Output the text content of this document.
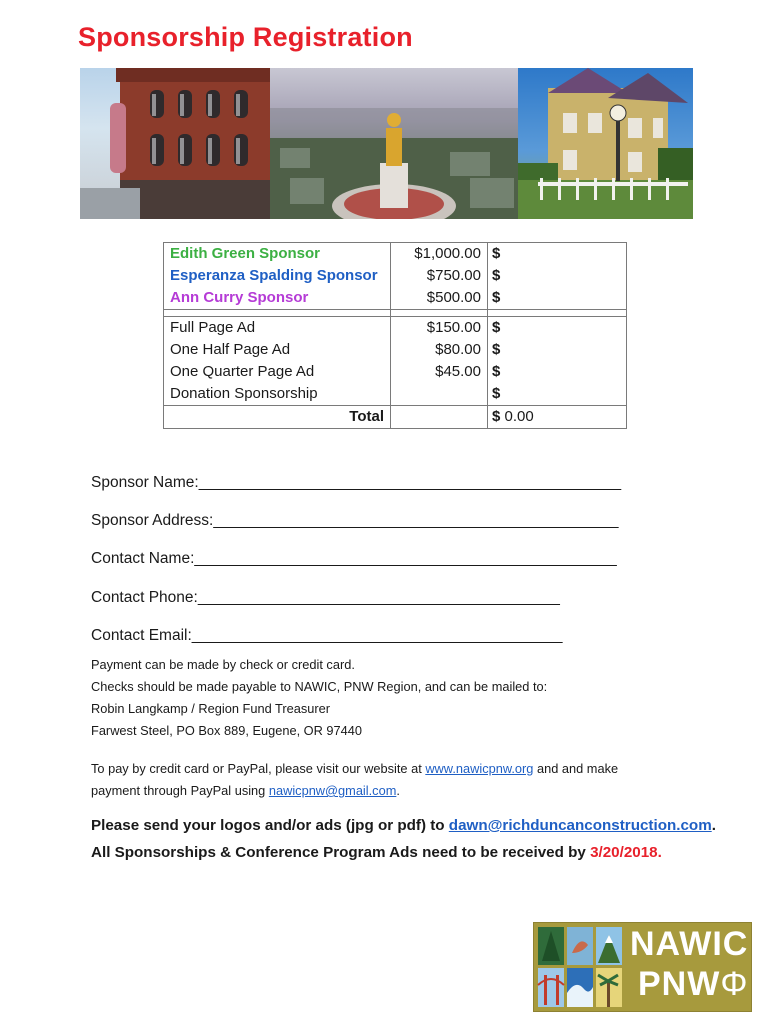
Sponsorship Registration
Edith Green Sponsor	$1,000.00	$
Esperanza Spalding Sponsor	$750.00	$
Ann Curry Sponsor	$500.00	$

Full Page Ad	$150.00	$
One Half Page Ad	$80.00	$
One Quarter Page Ad	$45.00	$
Donation Sponsorship		$
Total		$ 0.00
Sponsor Name:_________________________________________________
Sponsor Address:_______________________________________________
Contact Name:_________________________________________________
Contact Phone:__________________________________________
Contact Email:___________________________________________
Payment can be made by check or credit card.
Checks should be made payable to NAWIC, PNW Region, and can be mailed to:
Robin Langkamp / Region Fund Treasurer
Farwest Steel, PO Box 889, Eugene, OR 97440
To pay by credit card or PayPal, please visit our website at www.nawicpnw.org and and make
payment through PayPal using nawicpnw@gmail.com.
Please send your logos and/or ads (jpg or pdf) to dawn@richduncanconstruction.com.
All Sponsorships & Conference Program Ads need to be received by 3/20/2018.
NAWIC
PNWΦ
